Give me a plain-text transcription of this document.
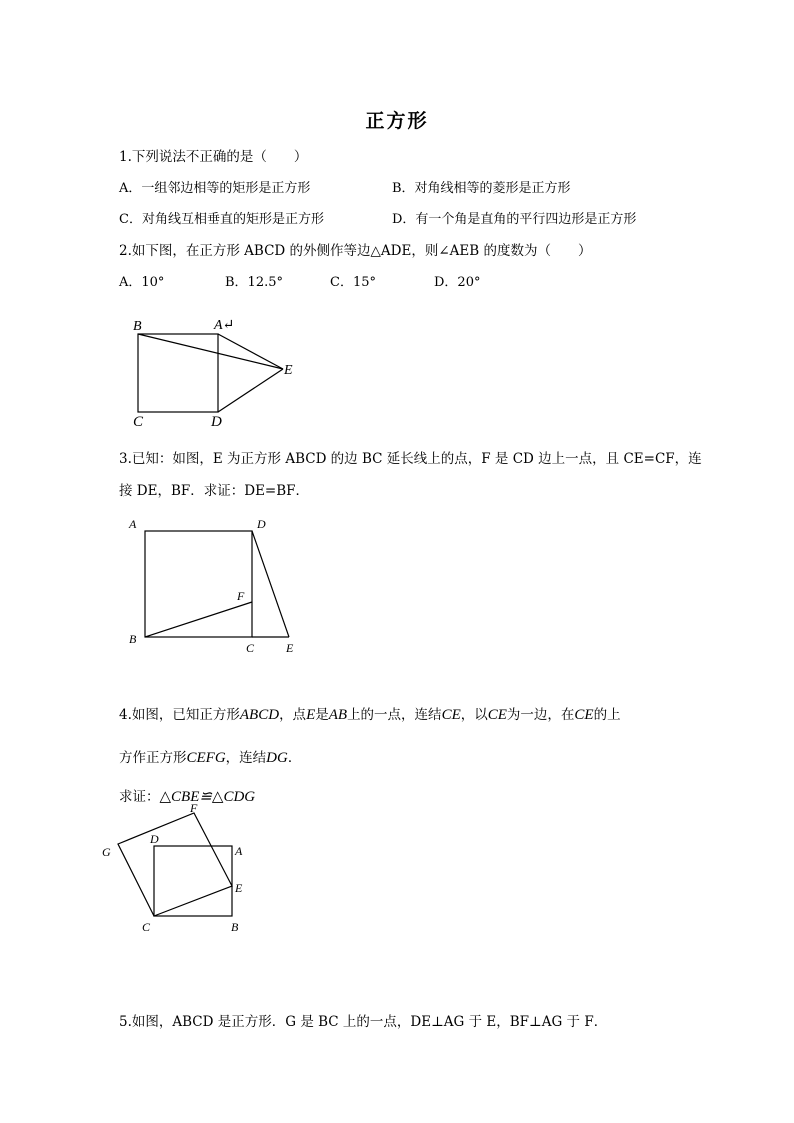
正方形
1.下列说法不正确的是（　　）
A．一组邻边相等的矩形是正方形	B．对角线相等的菱形是正方形
C．对角线互相垂直的矩形是正方形	D．有一个角是直角的平行四边形是正方形
2.如下图，在正方形 ABCD 的外侧作等边△ADE，则∠AEB 的度数为（　　）
A．10°	B．12.5°	C．15°	D．20°
B	A↵
E
C	D
3.已知：如图，E 为正方形 ABCD 的边 BC 延长线上的点，F 是 CD 边上一点，且 CE=CF，连
接 DE，BF．求证：DE=BF．
A	D
F
B
C	E
4.如图，已知正方形ABCD，点E是AB上的一点，连结CE，以CE为一边，在CE的上
方作正方形CEFG，连结DG．
求证：△CBE≌△CDG
F
G
D
A
E
C	B
5.如图，ABCD 是正方形．G 是 BC 上的一点，DE⊥AG 于 E，BF⊥AG 于 F．
